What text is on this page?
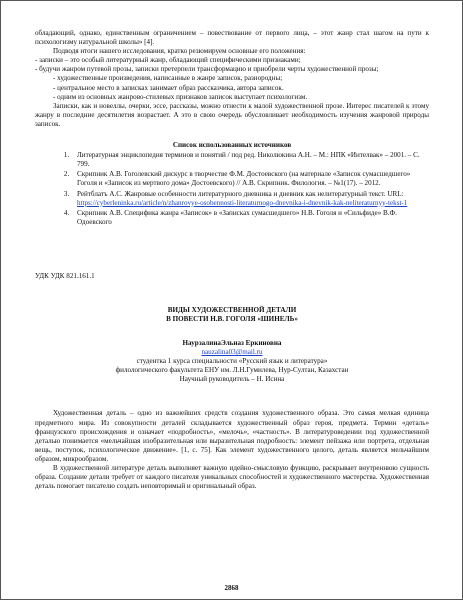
обладающий, однако, единственным ограничением – повествование от первого лица, – этот жанр стал шагом на пути к психологизму натуральной школы» [4].

Подводя итоги нашего исследования, кратко резюмируем основные его положения:

- записки – это особый литературный жанр, обладающий специфическими признаками;

- будучи жанром путевой прозы, записки претерпели трансформацию и приобрели черты художественной прозы;

- художественные произведения, написанные в жанре записок, разнородны;

- центральное место в записках занимает образ рассказчика, автора записок.

- одним из основных жанрово-стилевых признаков записок выступает психологизм.

Записки, как и новеллы, очерки, эссе, рассказы, можно отнести к малой художественной прозе. Интерес писателей к этому жанру в последние десятилетия возрастает. А это в свою очередь обусловливает необходимость изучения жанровой природы записок.

Список использованных источников

1. Литературная энциклопедия терминов и понятий / под ред. Николюкина А.Н. – М.: НПК «Интелвак» – 2001. – С. 799.
2. Скрипник А.В. Гоголевский дискурс в творчестве Ф.М. Достоевского (на материале «Записок сумасшедшего» Гоголя и «Записок из мертвого дома» Достоевского) // А.В. Скрипник. Филология. – №1(17). – 2012.
3. Рейтблатъ А.С. Жанровые особенности литературного дневника и дневник как нелитературный текст. URL: https://cyberleninka.ru/article/n/zhanrovye-osobennosti-literaturnogo-dnevnika-i-dnevnik-kak-neliteraturnyy-tekst-1
4. Скрипник А.В. Специфика жанра «Записок» в «Записках сумасшедшего» Н.В. Гоголя и «Сильфиде» В.Ф. Одоевского

УДК УДК 821.161.1

ВИДЫ ХУДОЖЕСТВЕННОЙ ДЕТАЛИ
В ПОВЕСТИ Н.В. ГОГОЛЯ «ШИНЕЛЬ»

НаурзалинаЭльназ Еркиновна

nauzalina03@mail.ru

студентка 1 курса специальности «Русский язык и литература»

филологического факультета ЕНУ им. Л.Н.Гумилева, Нур-Султан, Казахстан

Научный руководитель – Н. Исина

Художественная деталь – одно из важнейших средств создания художественного образа. Это самая мелкая единица предметного мира. Из совокупности деталей складывается художественный образ героя, предмета. Термин «деталь» французского происхождения и означает «подробность», «мелочь», «частность». В литературоведении под художественной деталью понимается «мельчайшая изобразительная или выразительная подробность: элемент пейзажа или портрета, отдельная вещь, поступок, психологическое движение». [1, с. 75]. Как элемент художественного целого, деталь является мельчайшим образом, микрообразом.

В художественной литературе деталь выполняет важную идейно-смысловую функцию, раскрывает внутреннюю сущность образа. Создание детали требует от каждого писателя уникальных способностей и художественного мастерства. Художественная деталь помогает писателю создать неповторимый и оригинальный образ.

2868
